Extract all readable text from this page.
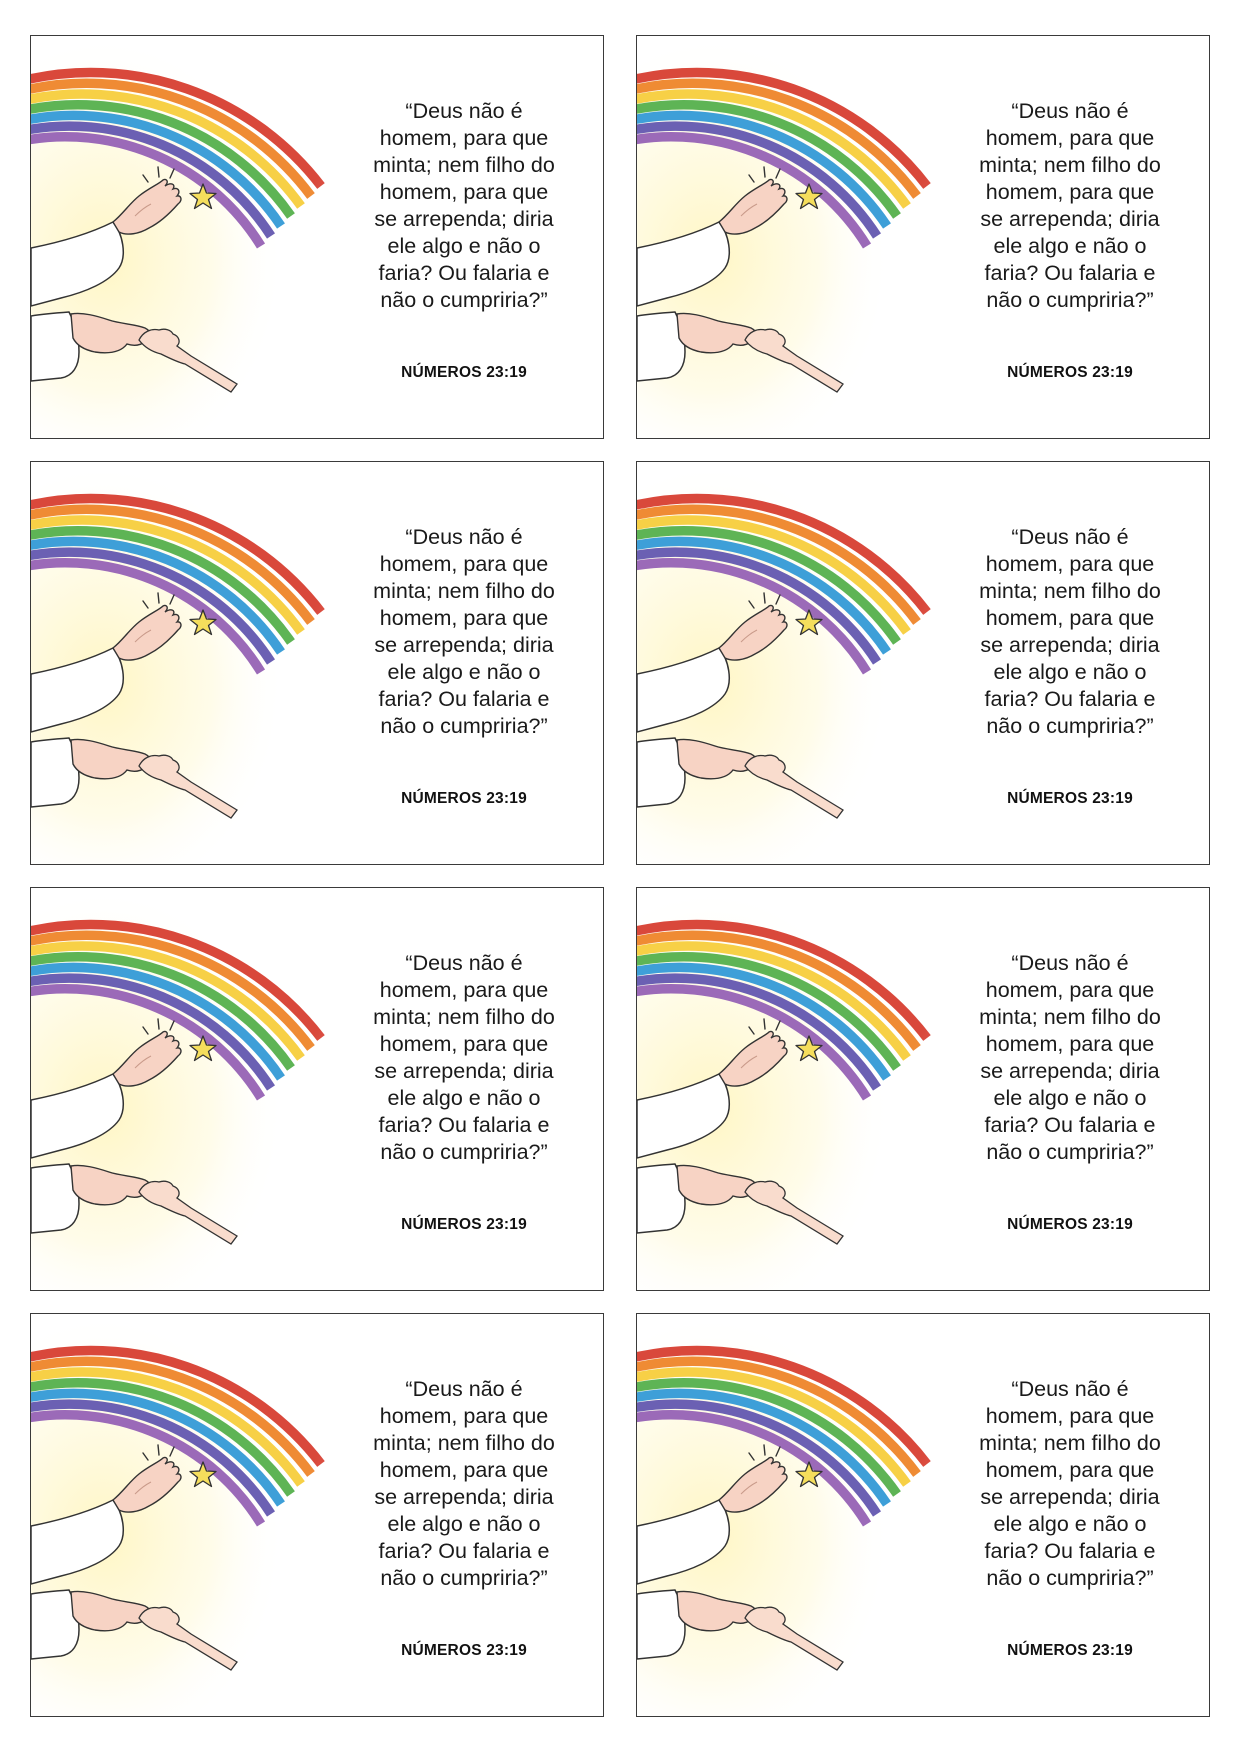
“Deus não é
homem, para que
minta; nem filho do
homem, para que
se arrependa; diria
ele algo e não o
faria? Ou falaria e
não o cumpriria?”
NÚMEROS 23:19
“Deus não é
homem, para que
minta; nem filho do
homem, para que
se arrependa; diria
ele algo e não o
faria? Ou falaria e
não o cumpriria?”
NÚMEROS 23:19
“Deus não é
homem, para que
minta; nem filho do
homem, para que
se arrependa; diria
ele algo e não o
faria? Ou falaria e
não o cumpriria?”
NÚMEROS 23:19
“Deus não é
homem, para que
minta; nem filho do
homem, para que
se arrependa; diria
ele algo e não o
faria? Ou falaria e
não o cumpriria?”
NÚMEROS 23:19
“Deus não é
homem, para que
minta; nem filho do
homem, para que
se arrependa; diria
ele algo e não o
faria? Ou falaria e
não o cumpriria?”
NÚMEROS 23:19
“Deus não é
homem, para que
minta; nem filho do
homem, para que
se arrependa; diria
ele algo e não o
faria? Ou falaria e
não o cumpriria?”
NÚMEROS 23:19
“Deus não é
homem, para que
minta; nem filho do
homem, para que
se arrependa; diria
ele algo e não o
faria? Ou falaria e
não o cumpriria?”
NÚMEROS 23:19
“Deus não é
homem, para que
minta; nem filho do
homem, para que
se arrependa; diria
ele algo e não o
faria? Ou falaria e
não o cumpriria?”
NÚMEROS 23:19
